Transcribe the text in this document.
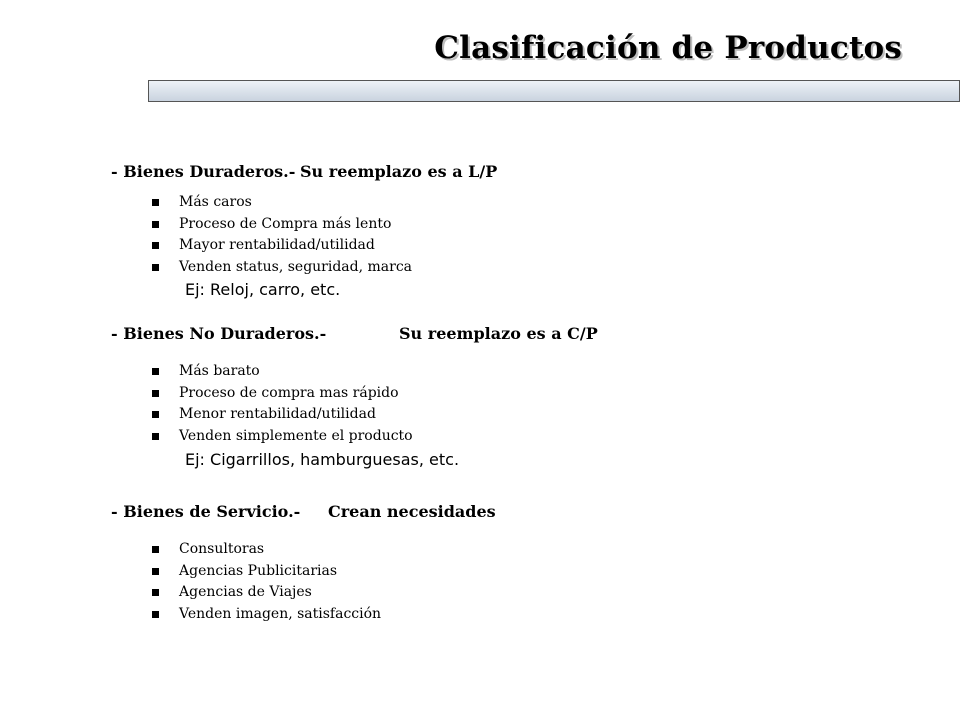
Clasificación de Productos
- Bienes Duraderos.- Su reemplazo es a L/P
Más caros
Proceso de Compra más lento
Mayor rentabilidad/utilidad
Venden status, seguridad, marca
Ej: Reloj, carro, etc.
- Bienes No Duraderos.-	Su reemplazo es a C/P
Más barato
Proceso de compra mas rápido
Menor rentabilidad/utilidad
Venden simplemente el producto
Ej: Cigarrillos, hamburguesas, etc.
- Bienes de Servicio.- Crean necesidades
Consultoras
Agencias Publicitarias
Agencias de Viajes
Venden imagen, satisfacción
